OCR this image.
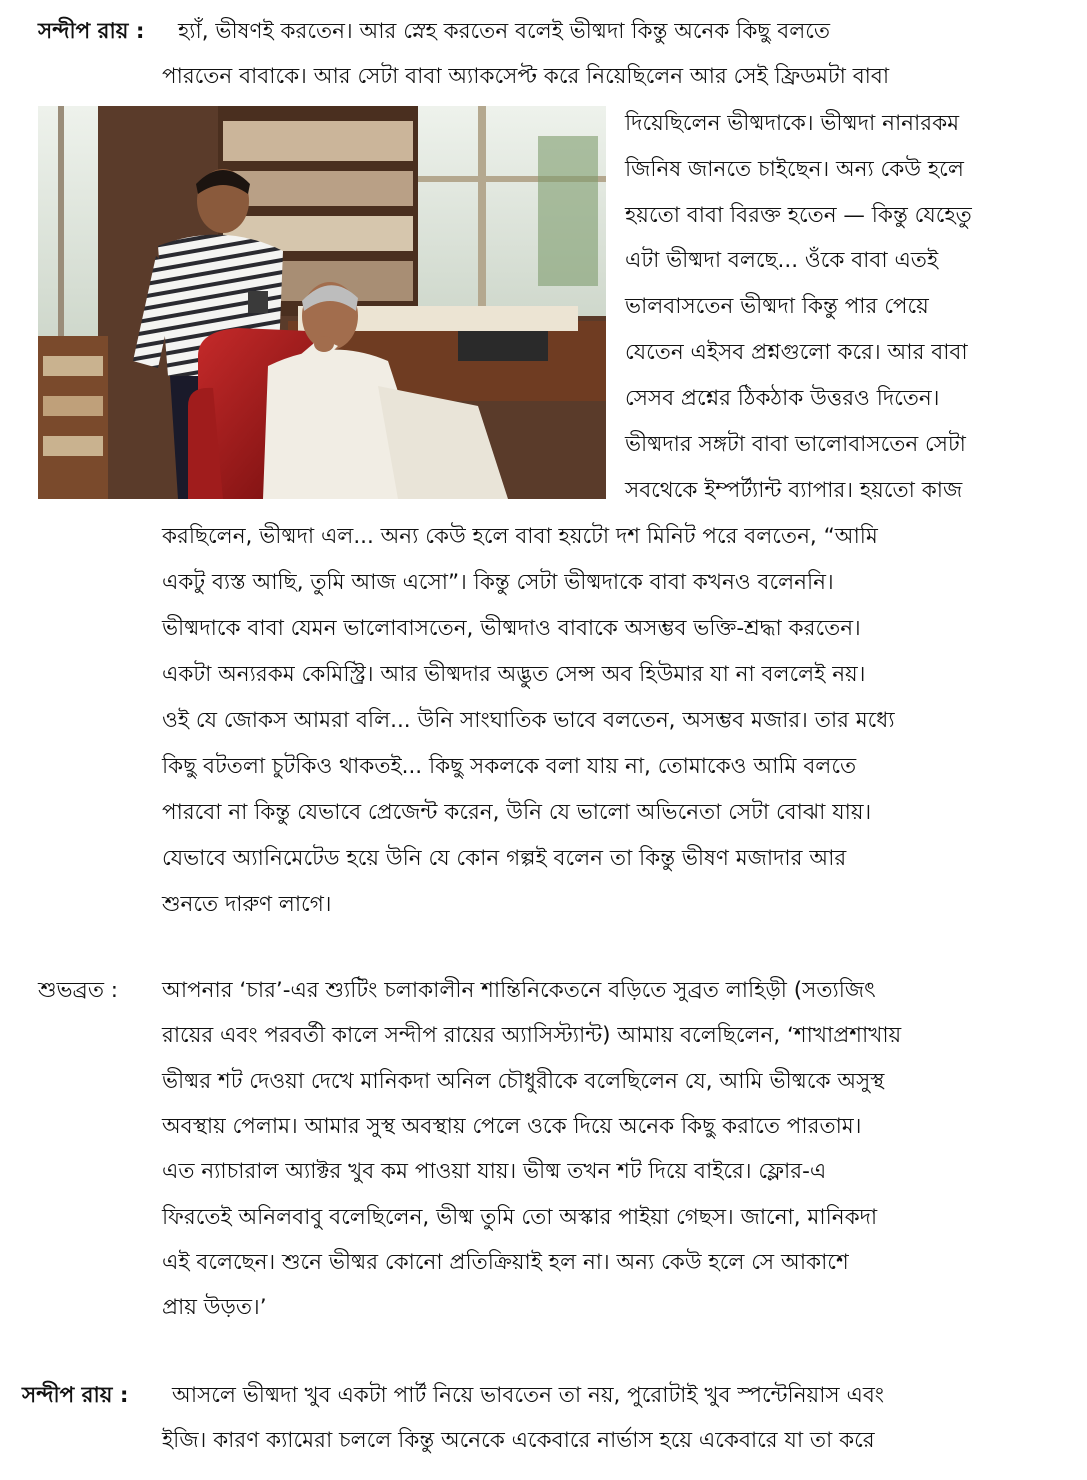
সন্দীপ রায় : হ্যাঁ, ভীষণই করতেন। আর স্নেহ করতেন বলেই ভীষ্মদা কিন্তু অনেক কিছু বলতে
পারতেন বাবাকে। আর সেটা বাবা অ্যাকসেপ্ট করে নিয়েছিলেন আর সেই ফ্রিডমটা বাবা
দিয়েছিলেন ভীষ্মদাকে। ভীষ্মদা নানারকম
জিনিষ জানতে চাইছেন। অন্য কেউ হলে
হয়তো বাবা বিরক্ত হতেন — কিন্তু যেহেতু
এটা ভীষ্মদা বলছে... ওঁকে বাবা এতই
ভালবাসতেন ভীষ্মদা কিন্তু পার পেয়ে
যেতেন এইসব প্রশ্নগুলো করে। আর বাবা
সেসব প্রশ্নের ঠিকঠাক উত্তরও দিতেন।
ভীষ্মদার সঙ্গটা বাবা ভালোবাসতেন সেটা
সবথেকে ইম্পর্ট্যান্ট ব্যাপার। হয়তো কাজ
করছিলেন, ভীষ্মদা এল... অন্য কেউ হলে বাবা হয়টো দশ মিনিট পরে বলতেন, “আমি
একটু ব্যস্ত আছি, তুমি আজ এসো”। কিন্তু সেটা ভীষ্মদাকে বাবা কখনও বলেননি।
ভীষ্মদাকে বাবা যেমন ভালোবাসতেন, ভীষ্মদাও বাবাকে অসম্ভব ভক্তি-শ্রদ্ধা করতেন।
একটা অন্যরকম কেমিস্ট্রি। আর ভীষ্মদার অদ্ভুত সেন্স অব হিউমার যা না বললেই নয়।
ওই যে জোকস আমরা বলি... উনি সাংঘাতিক ভাবে বলতেন, অসম্ভব মজার। তার মধ্যে
কিছু বটতলা চুটকিও থাকতই... কিছু সকলকে বলা যায় না, তোমাকেও আমি বলতে
পারবো না কিন্তু যেভাবে প্রেজেন্ট করেন, উনি যে ভালো অভিনেতা সেটা বোঝা যায়।
যেভাবে অ্যানিমেটেড হয়ে উনি যে কোন গল্পই বলেন তা কিন্তু ভীষণ মজাদার আর
শুনতে দারুণ লাগে।
শুভব্রত : আপনার ‘চার’-এর শ্যুটিং চলাকালীন শান্তিনিকেতনে বড়িতে সুব্রত লাহিড়ী (সত্যজিৎ
রায়ের এবং পরবর্তী কালে সন্দীপ রায়ের অ্যাসিস্ট্যান্ট) আমায় বলেছিলেন, ‘শাখাপ্রশাখায়
ভীষ্মর শট দেওয়া দেখে মানিকদা অনিল চৌধুরীকে বলেছিলেন যে, আমি ভীষ্মকে অসুস্থ
অবস্থায় পেলাম। আমার সুস্থ অবস্থায় পেলে ওকে দিয়ে অনেক কিছু করাতে পারতাম।
এত ন্যাচারাল অ্যাক্টর খুব কম পাওয়া যায়। ভীষ্ম তখন শট দিয়ে বাইরে। ফ্লোর-এ
ফিরতেই অনিলবাবু বলেছিলেন, ভীষ্ম তুমি তো অস্কার পাইয়া গেছস। জানো, মানিকদা
এই বলেছেন। শুনে ভীষ্মর কোনো প্রতিক্রিয়াই হল না। অন্য কেউ হলে সে আকাশে
প্রায় উড়ত।’
সন্দীপ রায় : আসলে ভীষ্মদা খুব একটা পার্ট নিয়ে ভাবতেন তা নয়, পুরোটাই খুব স্পন্টেনিয়াস এবং
ইজি। কারণ ক্যামেরা চললে কিন্তু অনেকে একেবারে নার্ভাস হয়ে একেবারে যা তা করে
